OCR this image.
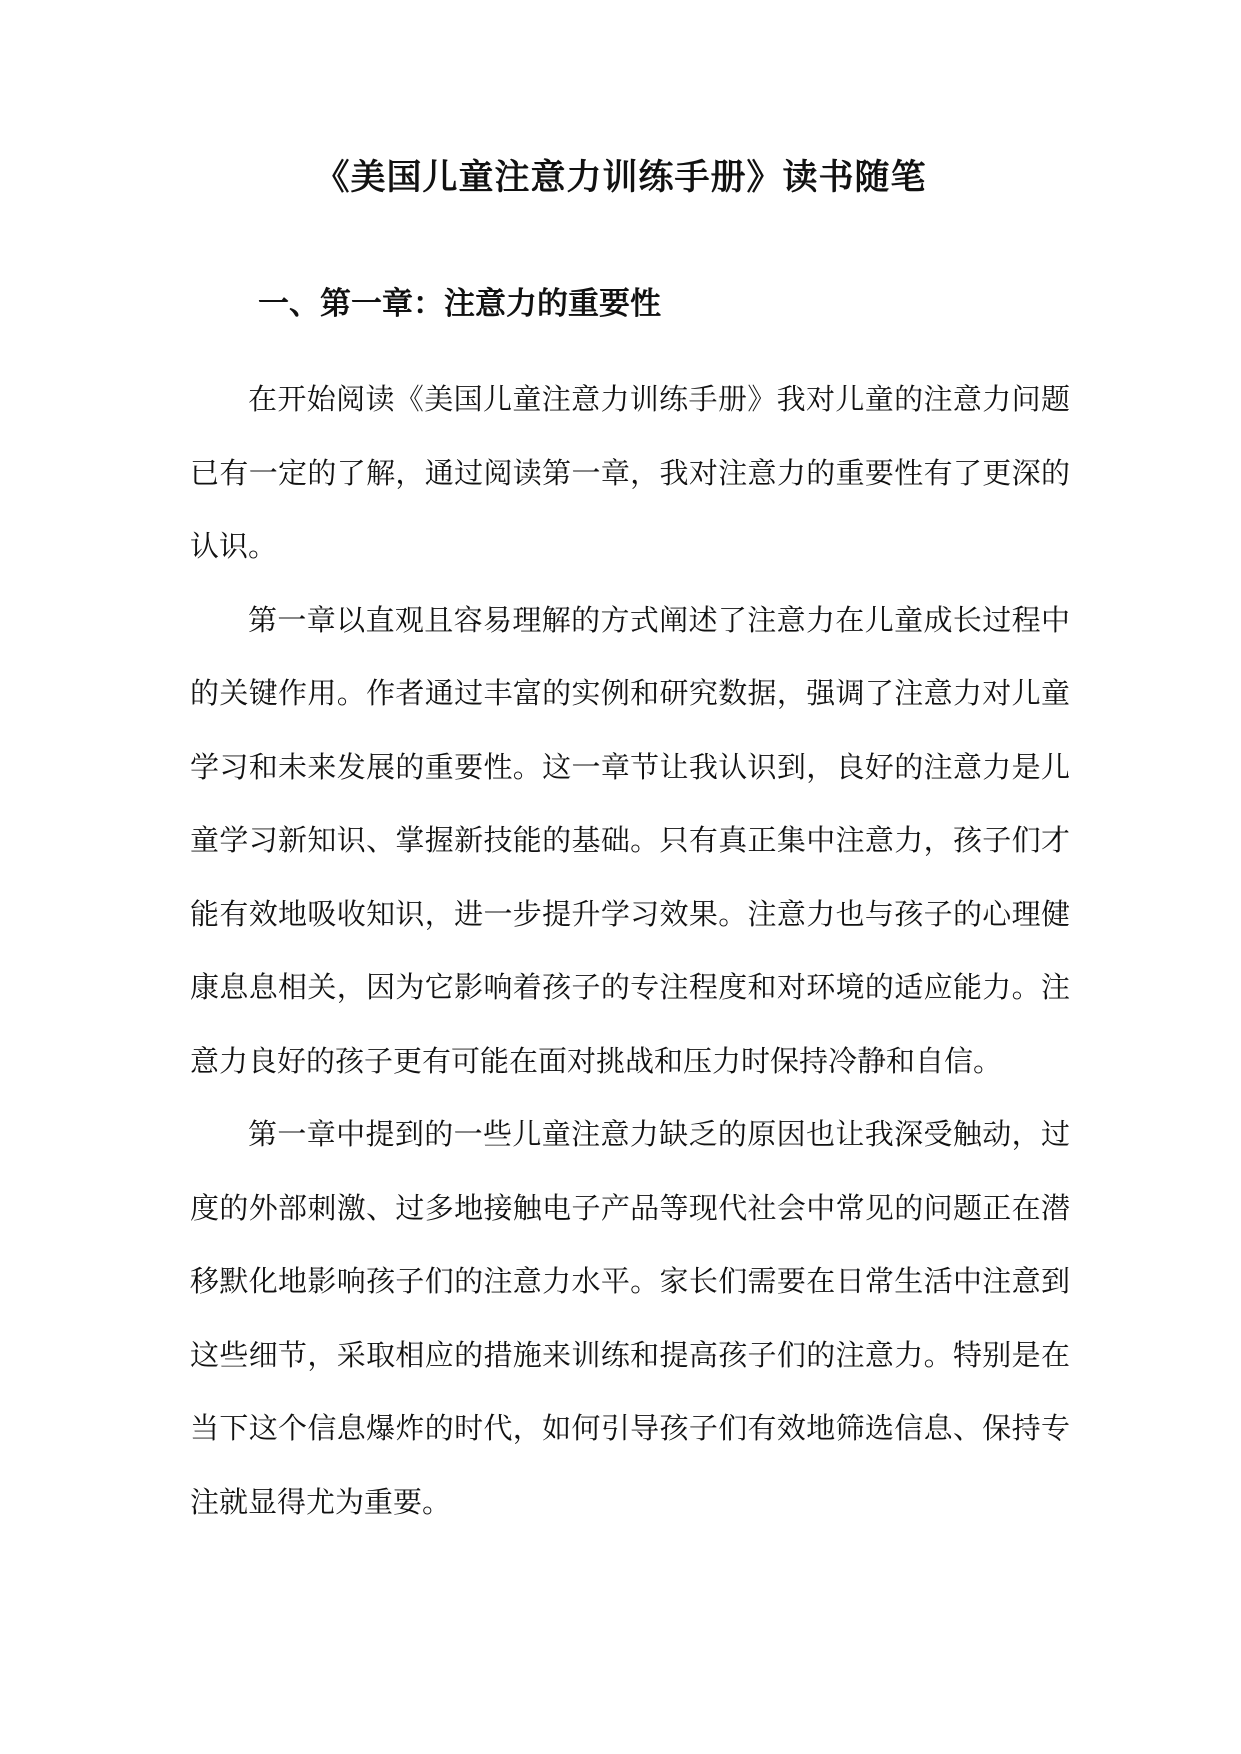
《美国儿童注意力训练手册》读书随笔
一、第一章：注意力的重要性

在开始阅读《美国儿童注意力训练手册》我对儿童的注意力问题已有一定的了解，通过阅读第一章，我对注意力的重要性有了更深的认识。

第一章以直观且容易理解的方式阐述了注意力在儿童成长过程中的关键作用。作者通过丰富的实例和研究数据，强调了注意力对儿童学习和未来发展的重要性。这一章节让我认识到，良好的注意力是儿童学习新知识、掌握新技能的基础。只有真正集中注意力，孩子们才能有效地吸收知识，进一步提升学习效果。注意力也与孩子的心理健康息息相关，因为它影响着孩子的专注程度和对环境的适应能力。注意力良好的孩子更有可能在面对挑战和压力时保持冷静和自信。

第一章中提到的一些儿童注意力缺乏的原因也让我深受触动，过度的外部刺激、过多地接触电子产品等现代社会中常见的问题正在潜移默化地影响孩子们的注意力水平。家长们需要在日常生活中注意到这些细节，采取相应的措施来训练和提高孩子们的注意力。特别是在当下这个信息爆炸的时代，如何引导孩子们有效地筛选信息、保持专注就显得尤为重要。
